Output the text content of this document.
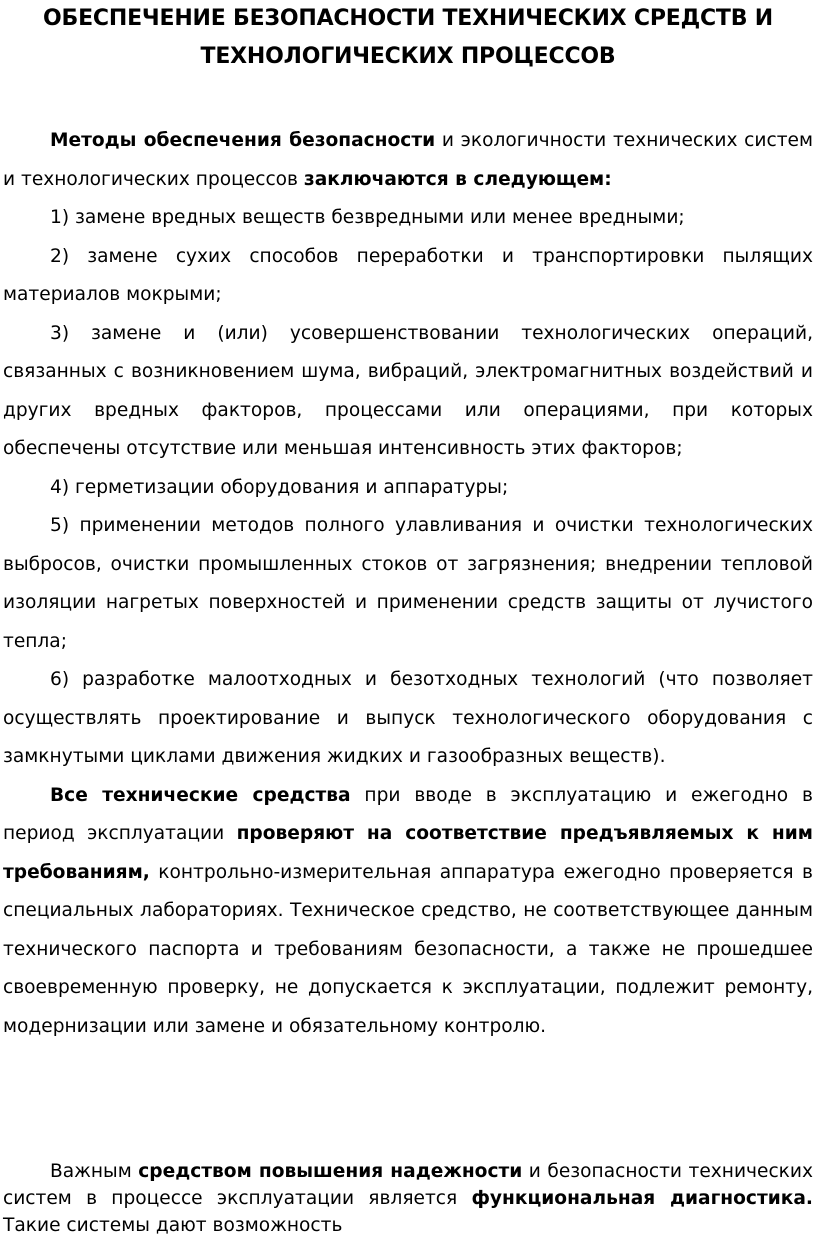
ОБЕСПЕЧЕНИЕ БЕЗОПАСНОСТИ ТЕХНИЧЕСКИХ СРЕДСТВ И
ТЕХНОЛОГИЧЕСКИХ ПРОЦЕССОВ

Методы обеспечения безопасности и экологичности технических систем и технологических процессов заключаются в следующем:

1) замене вредных веществ безвредными или менее вредными;

2) замене сухих способов переработки и транспортировки пылящих материалов мокрыми;

3) замене и (или) усовершенствовании технологических операций, связанных с возникновением шума, вибраций, электромагнитных воздействий и других вредных факторов, процессами или операциями, при которых обеспечены отсутствие или меньшая интенсивность этих факторов;

4) герметизации оборудования и аппаратуры;

5) применении методов полного улавливания и очистки технологических выбросов, очистки промышленных стоков от загрязнения; внедрении тепловой изоляции нагретых поверхностей и применении средств защиты от лучистого тепла;

6) разработке малоотходных и безотходных технологий (что позволяет осуществлять проектирование и выпуск технологического оборудования с замкнутыми циклами движения жидких и газообразных веществ).

Все технические средства при вводе в эксплуатацию и ежегодно в период эксплуатации проверяют на соответствие предъявляемых к ним требованиям, контрольно-измерительная аппаратура ежегодно проверяется в специальных лабораториях. Техническое средство, не соответствующее данным технического паспорта и требованиям безопасности, а также не прошедшее своевременную проверку, не допускается к эксплуатации, подлежит ремонту, модернизации или замене и обязательному контролю.

Важным средством повышения надежности и безопасности технических систем в процессе эксплуатации является функциональная диагностика. Такие системы дают возможность
